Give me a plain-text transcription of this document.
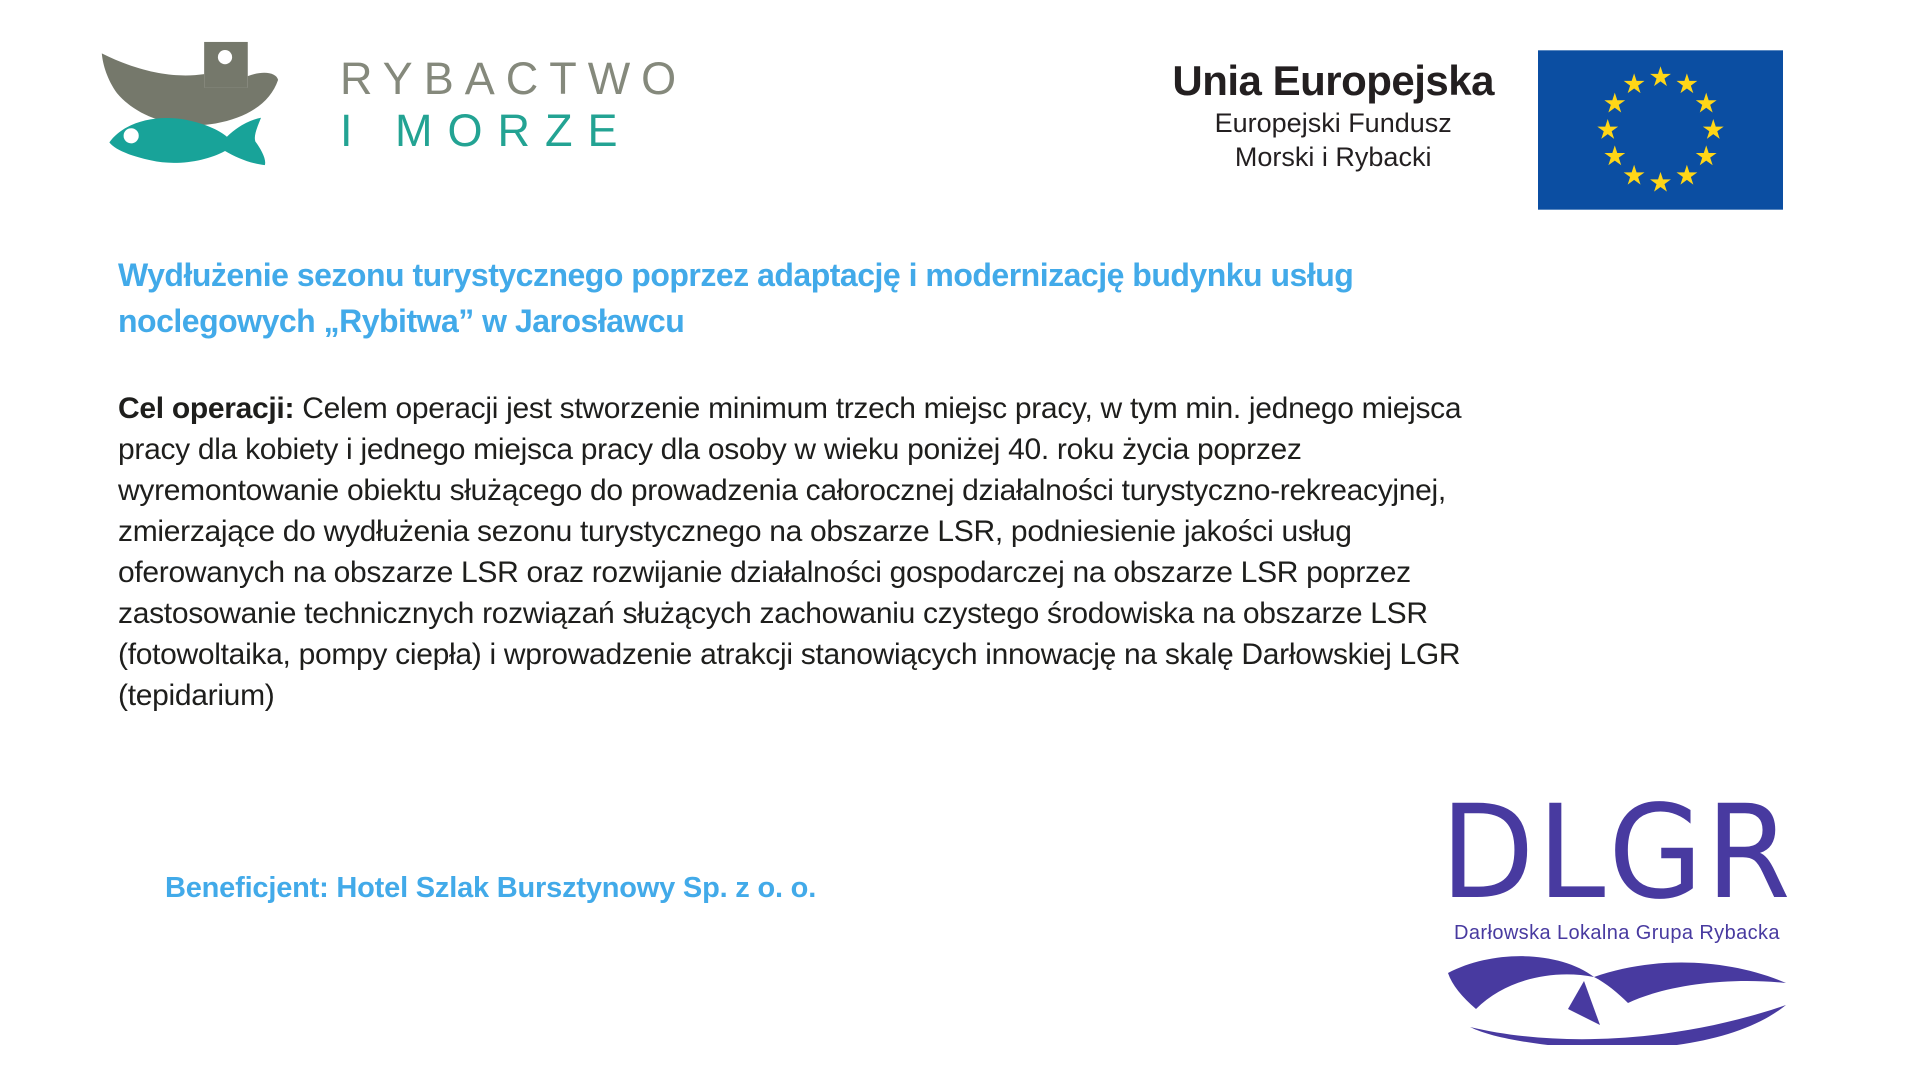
RYBACTWO
I MORZE
Unia Europejska
Europejski Fundusz
Morski i Rybacki
Wydłużenie sezonu turystycznego poprzez adaptację i modernizację budynku usług noclegowych „Rybitwa” w Jarosławcu

Cel operacji: Celem operacji jest stworzenie minimum trzech miejsc pracy, w tym min. jednego miejsca pracy dla kobiety i jednego miejsca pracy dla osoby w wieku poniżej 40. roku życia poprzez wyremontowanie obiektu służącego do prowadzenia całorocznej działalności turystyczno-rekreacyjnej, zmierzające do wydłużenia sezonu turystycznego na obszarze LSR, podniesienie jakości usług oferowanych na obszarze LSR oraz rozwijanie działalności gospodarczej na obszarze LSR poprzez zastosowanie technicznych rozwiązań służących zachowaniu czystego środowiska na obszarze LSR (fotowoltaika, pompy ciepła) i wprowadzenie atrakcji stanowiących innowację na skalę Darłowskiej LGR (tepidarium)

Beneficjent: Hotel Szlak Bursztynowy Sp. z o. o.	DLGR
Darłowska Lokalna Grupa Rybacka
